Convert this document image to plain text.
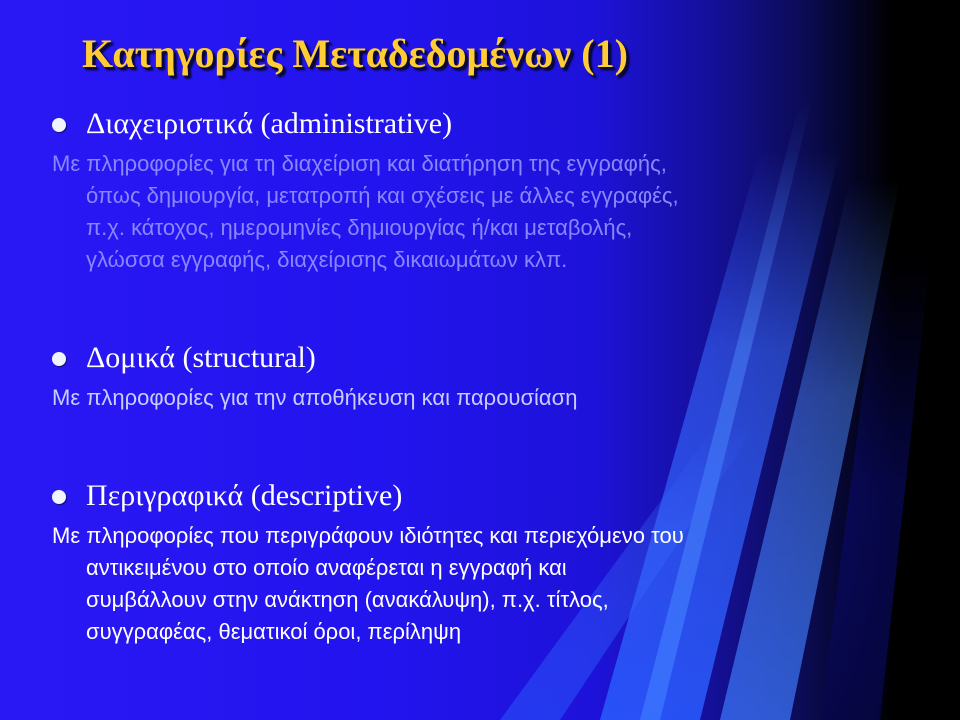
Κατηγορίες Μεταδεδομένων (1)
Διαχειριστικά (administrative)
Με πληροφορίες για τη διαχείριση και διατήρηση της εγγραφής,
όπως δημιουργία, μετατροπή και σχέσεις με άλλες εγγραφές,
π.χ. κάτοχος, ημερομηνίες δημιουργίας ή/και μεταβολής,
γλώσσα εγγραφής, διαχείρισης δικαιωμάτων κλπ.
Δομικά (structural)
Με πληροφορίες για την αποθήκευση και παρουσίαση
Περιγραφικά (descriptive)
Με πληροφορίες που περιγράφουν ιδιότητες και περιεχόμενο του
αντικειμένου στο οποίο αναφέρεται η εγγραφή και
συμβάλλουν στην ανάκτηση (ανακάλυψη), π.χ. τίτλος,
συγγραφέας, θεματικοί όροι, περίληψη
